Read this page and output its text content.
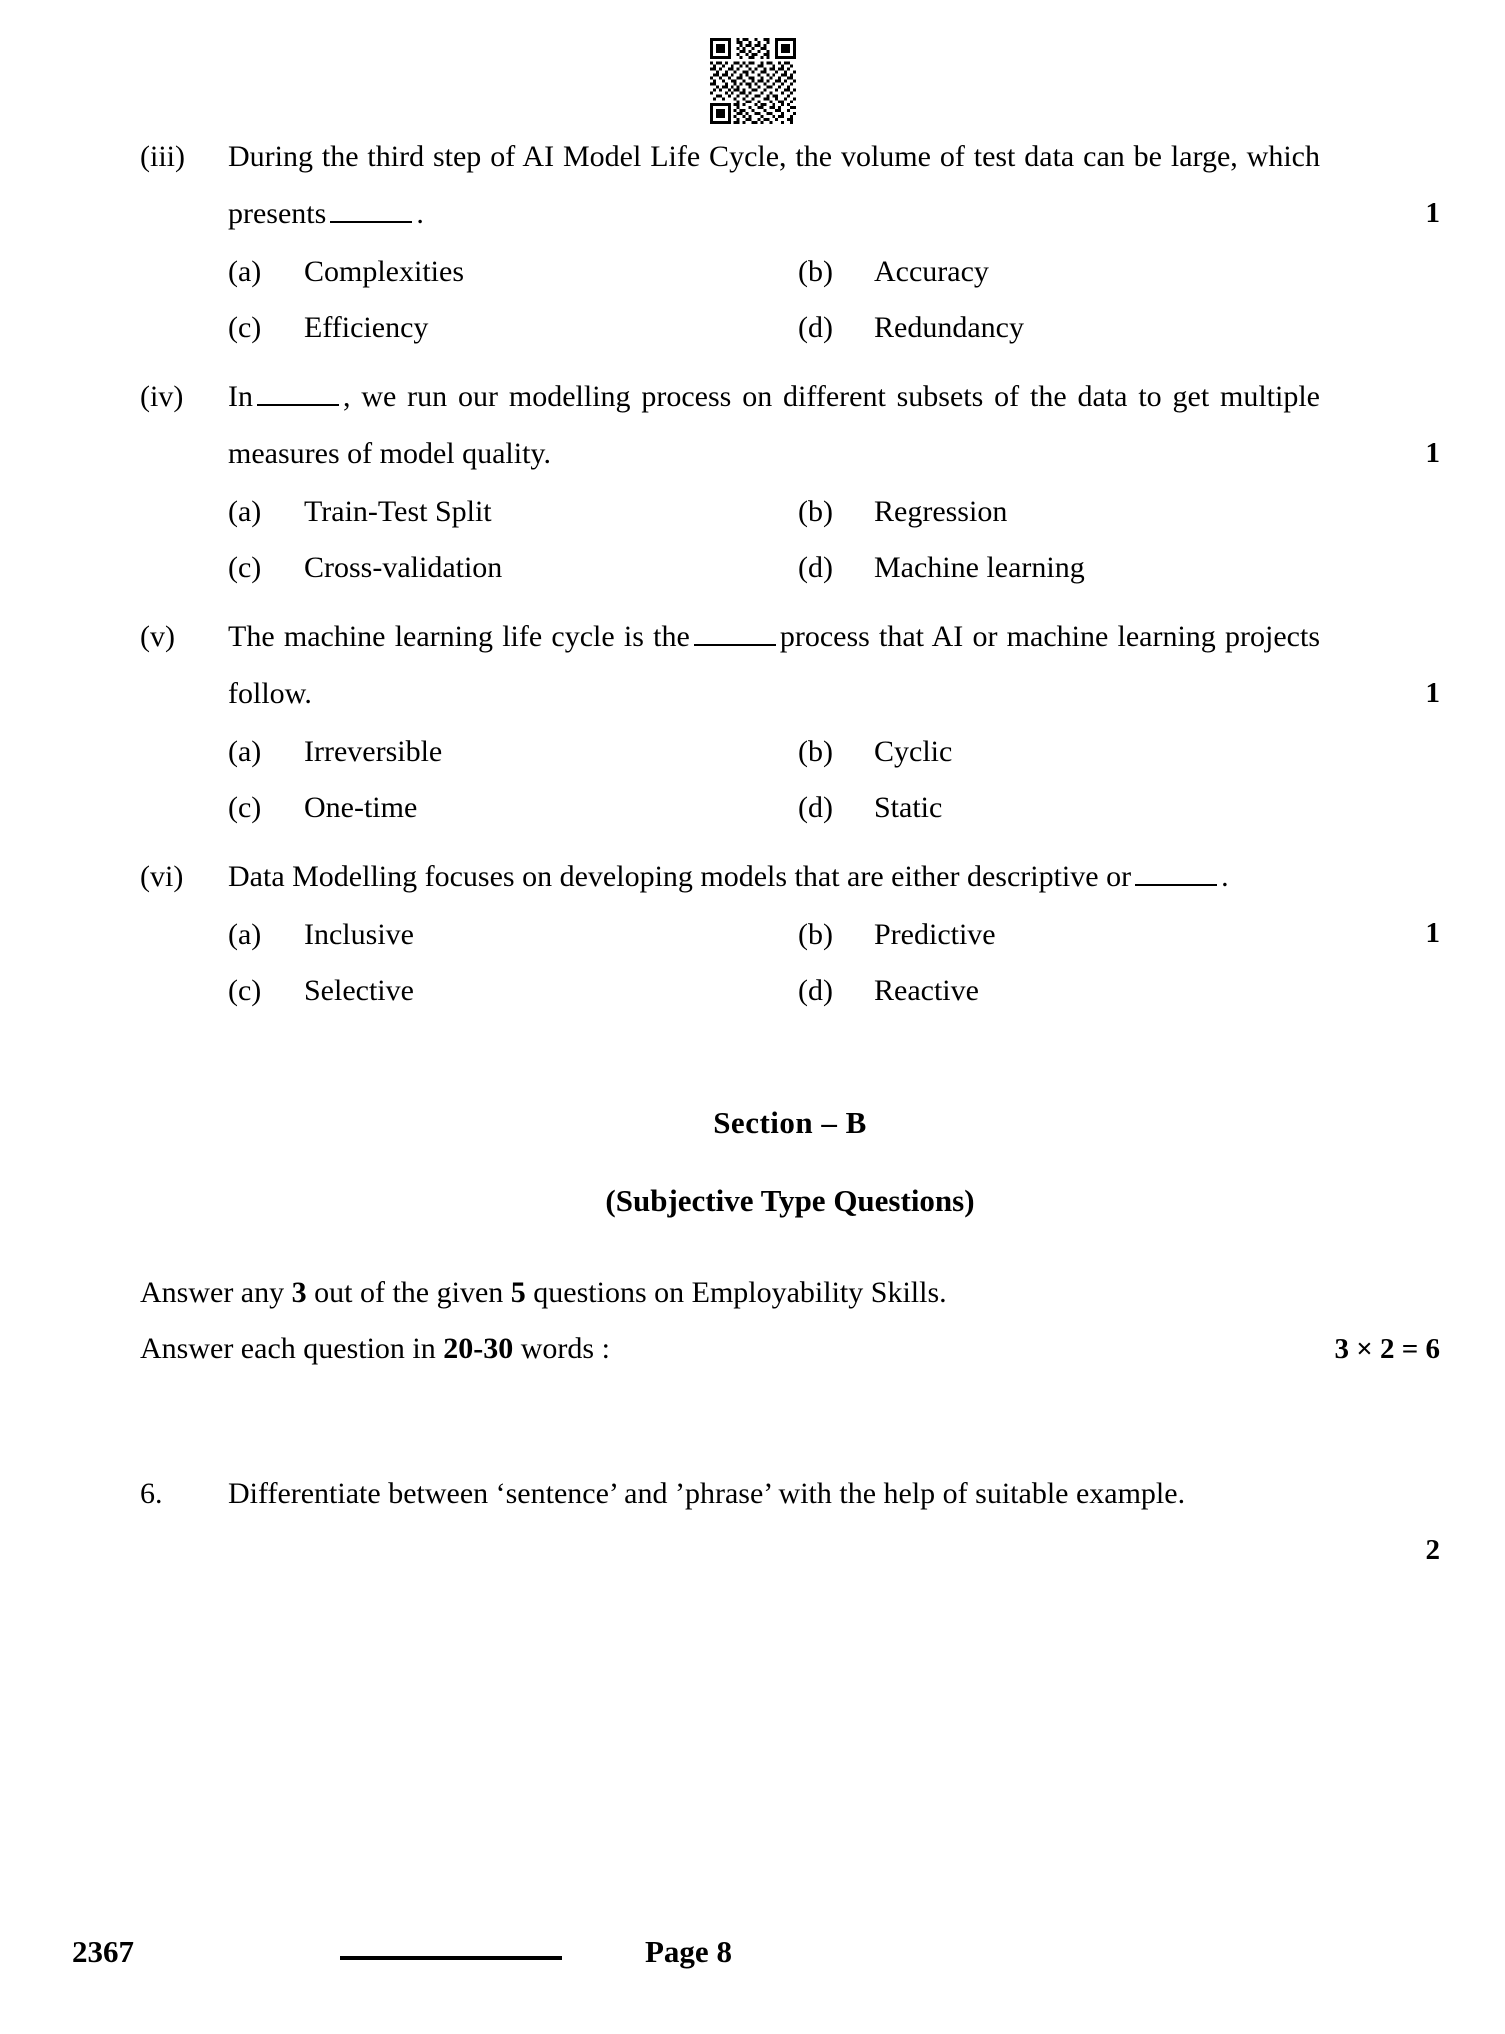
(iii)	During the third step of AI Model Life Cycle, the volume of test data can be large, which presents	.	1
(a)	Complexities	(b)	Accuracy
(c)	Efficiency	(d)	Redundancy
(iv)	In	, we run our modelling process on different subsets of the data to get multiple measures of model quality.	1
(a)	Train-Test Split	(b)	Regression
(c)	Cross-validation	(d)	Machine learning
(v)	The machine learning life cycle is the	process that AI or machine learning projects follow.	1
(a)	Irreversible	(b)	Cyclic
(c)	One-time	(d)	Static
(vi)	Data Modelling focuses on developing models that are either descriptive or	.
1
(a)	Inclusive	(b)	Predictive
(c)	Selective	(d)	Reactive
Section – B
(Subjective Type Questions)
Answer any 3 out of the given 5 questions on Employability Skills.
Answer each question in 20-30 words :	3 × 2 = 6
6.	Differentiate between ‘sentence’ and ’phrase’ with the help of suitable example.
2
2367	Page 8
